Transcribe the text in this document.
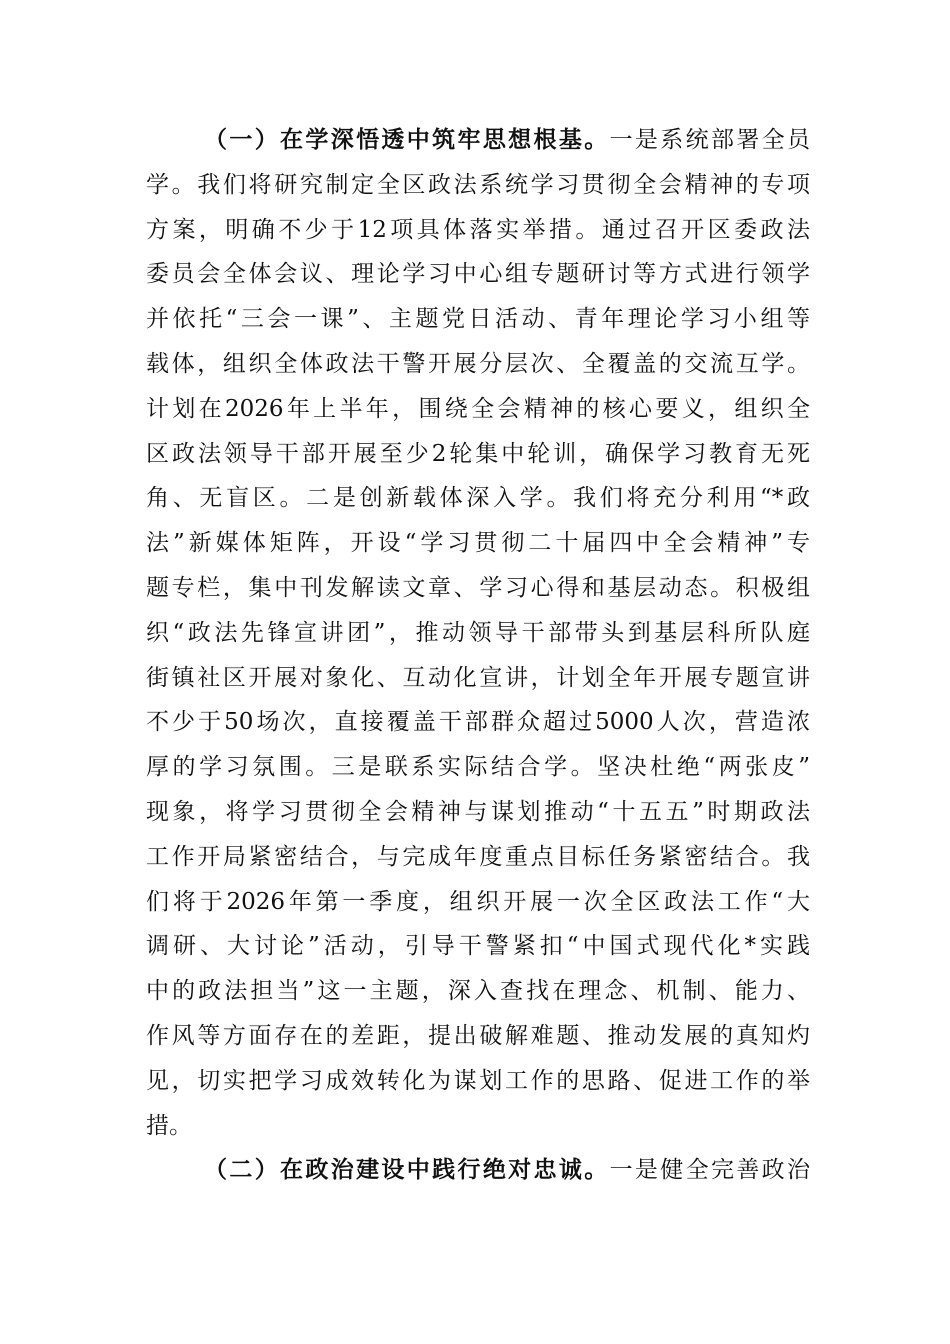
（一）在学深悟透中筑牢思想根基。一是系统部署全员
学。我们将研究制定全区政法系统学习贯彻全会精神的专项
方案，明确不少于12项具体落实举措。通过召开区委政法
委员会全体会议、理论学习中心组专题研讨等方式进行领学
并依托“三会一课”、主题党日活动、青年理论学习小组等
载体，组织全体政法干警开展分层次、全覆盖的交流互学。
计划在2026年上半年，围绕全会精神的核心要义，组织全
区政法领导干部开展至少2轮集中轮训，确保学习教育无死
角、无盲区。二是创新载体深入学。我们将充分利用“*政
法”新媒体矩阵，开设“学习贯彻二十届四中全会精神”专
题专栏，集中刊发解读文章、学习心得和基层动态。积极组
织“政法先锋宣讲团”，推动领导干部带头到基层科所队庭
街镇社区开展对象化、互动化宣讲，计划全年开展专题宣讲
不少于50场次，直接覆盖干部群众超过5000人次，营造浓
厚的学习氛围。三是联系实际结合学。坚决杜绝“两张皮”
现象，将学习贯彻全会精神与谋划推动“十五五”时期政法
工作开局紧密结合，与完成年度重点目标任务紧密结合。我
们将于2026年第一季度，组织开展一次全区政法工作“大
调研、大讨论”活动，引导干警紧扣“中国式现代化*实践
中的政法担当”这一主题，深入查找在理念、机制、能力、
作风等方面存在的差距，提出破解难题、推动发展的真知灼
见，切实把学习成效转化为谋划工作的思路、促进工作的举
措。
（二）在政治建设中践行绝对忠诚。一是健全完善政治
